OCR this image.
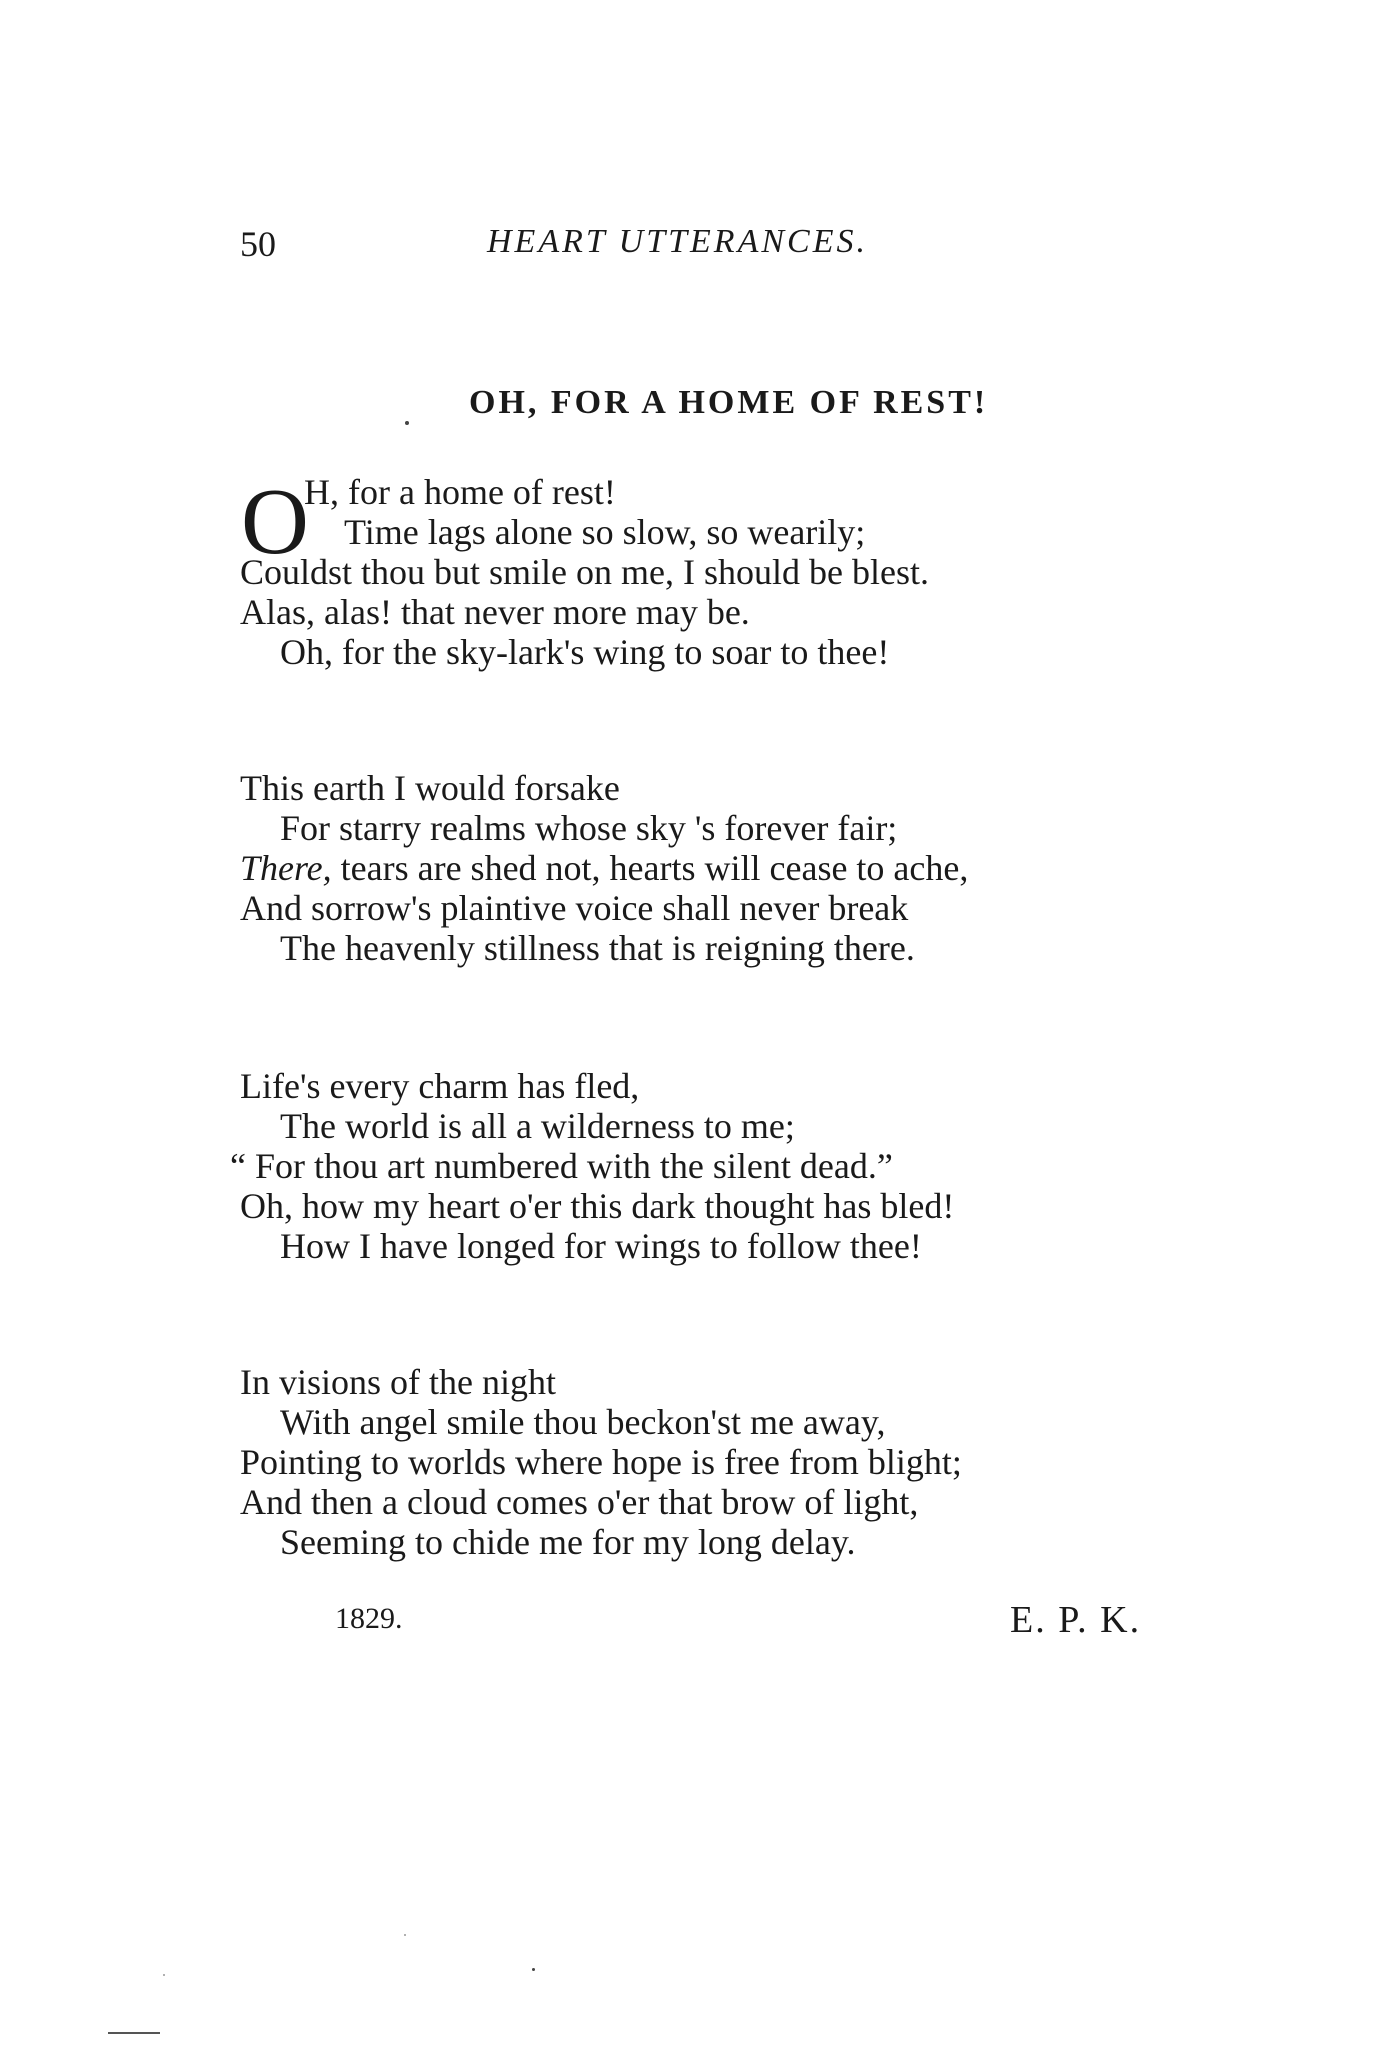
50	HEART UTTERANCES.
OH, FOR A HOME OF REST!
O
H, for a home of rest!
Time lags alone so slow, so wearily;
Couldst thou but smile on me, I should be blest.
Alas, alas! that never more may be.
Oh, for the sky-lark's wing to soar to thee!
This earth I would forsake
For starry realms whose sky 's forever fair;
There, tears are shed not, hearts will cease to ache,
And sorrow's plaintive voice shall never break
The heavenly stillness that is reigning there.
Life's every charm has fled,
The world is all a wilderness to me;
“ For thou art numbered with the silent dead.”
Oh, how my heart o'er this dark thought has bled!
How I have longed for wings to follow thee!
In visions of the night
With angel smile thou beckon'st me away,
Pointing to worlds where hope is free from blight;
And then a cloud comes o'er that brow of light,
Seeming to chide me for my long delay.
1829.	E. P. K.
